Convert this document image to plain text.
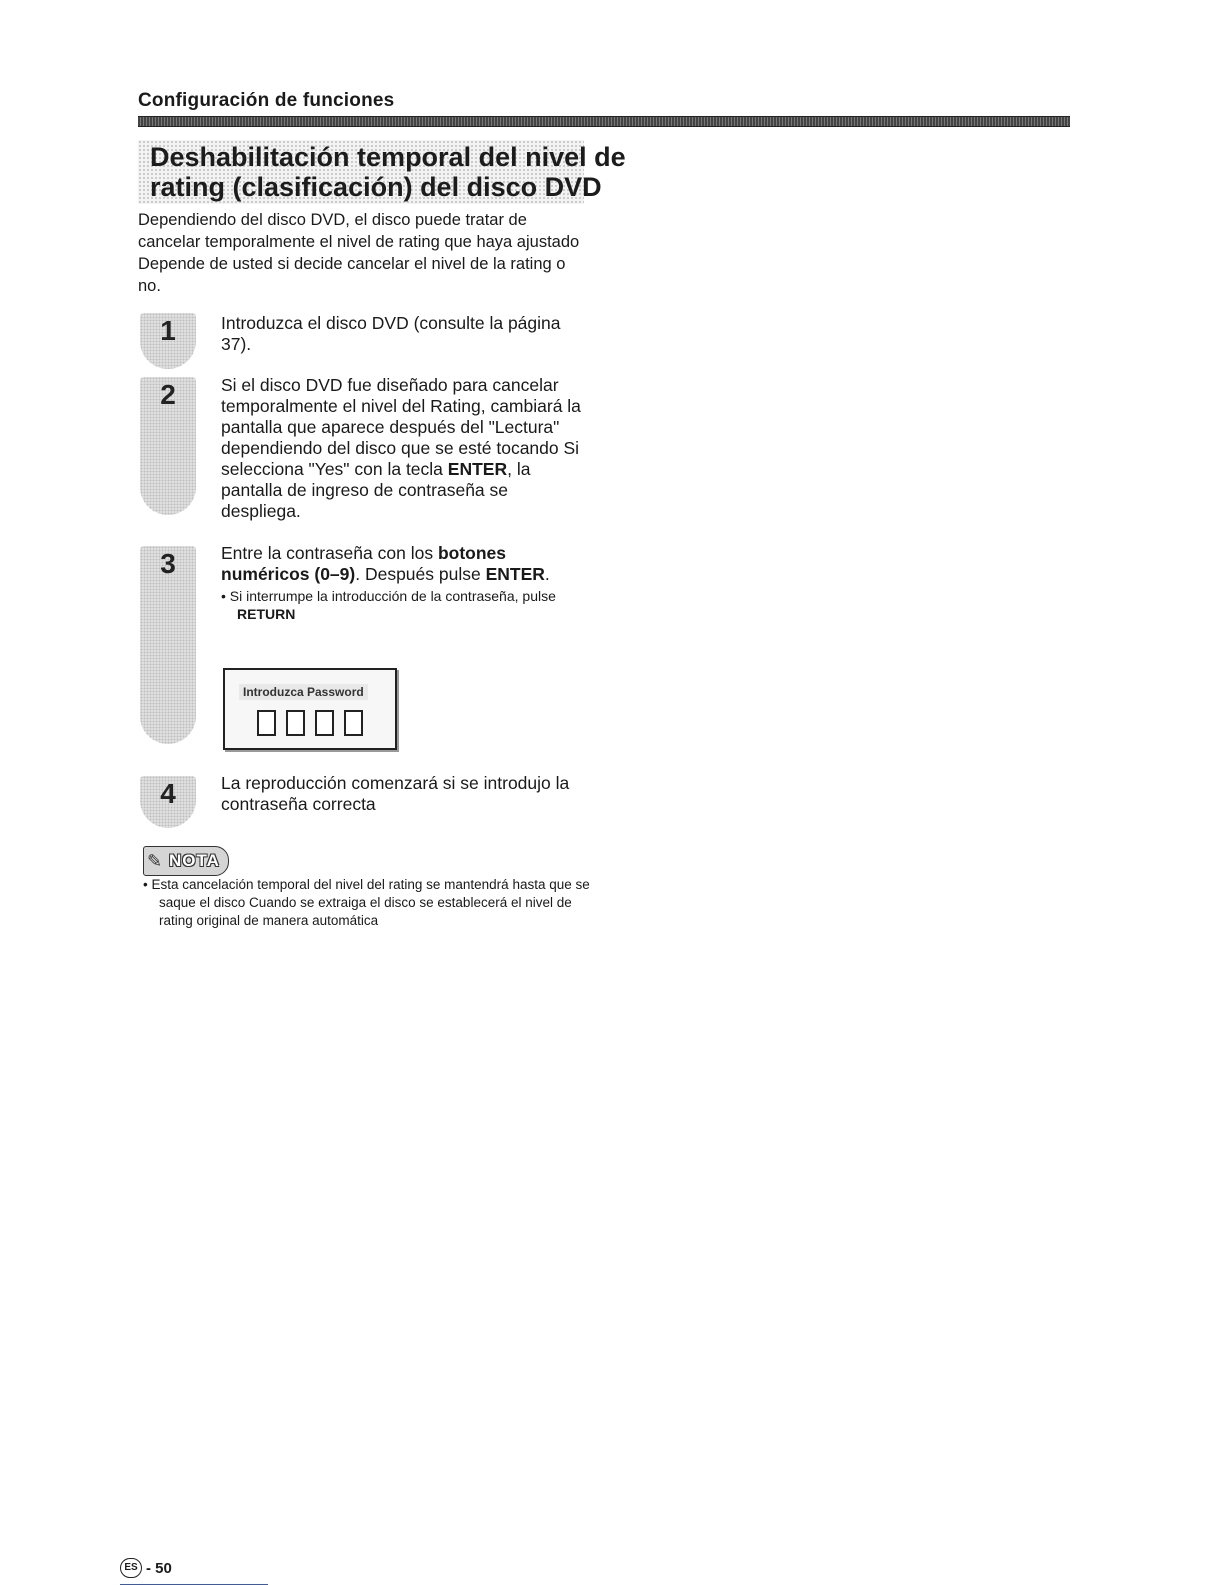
Configuración de funciones
Deshabilitación temporal del nivel de
rating (clasificación) del disco DVD
Dependiendo del disco DVD, el disco puede tratar de cancelar temporalmente el nivel de rating que haya ajustado Depende de usted si decide cancelar el nivel de la rating o no.
1	Introduzca el disco DVD (consulte la página 37).
2	Si el disco DVD fue diseñado para cancelar temporalmente el nivel del Rating, cambiará la pantalla que aparece después del "Lectura" dependiendo del disco que se esté tocando Si selecciona "Yes" con la tecla ENTER, la pantalla de ingreso de contraseña se despliega.
3	Entre la contraseña con los botones numéricos (0–9). Después pulse ENTER.
• Si interrumpe la introducción de la contraseña, pulse RETURN
Introduzca Password
4	La reproducción comenzará si se introdujo la contraseña correcta
✎ NOTA
• Esta cancelación temporal del nivel del rating se mantendrá hasta que se saque el disco Cuando se extraiga el disco se establecerá el nivel de rating original de manera automática
ES - 50
